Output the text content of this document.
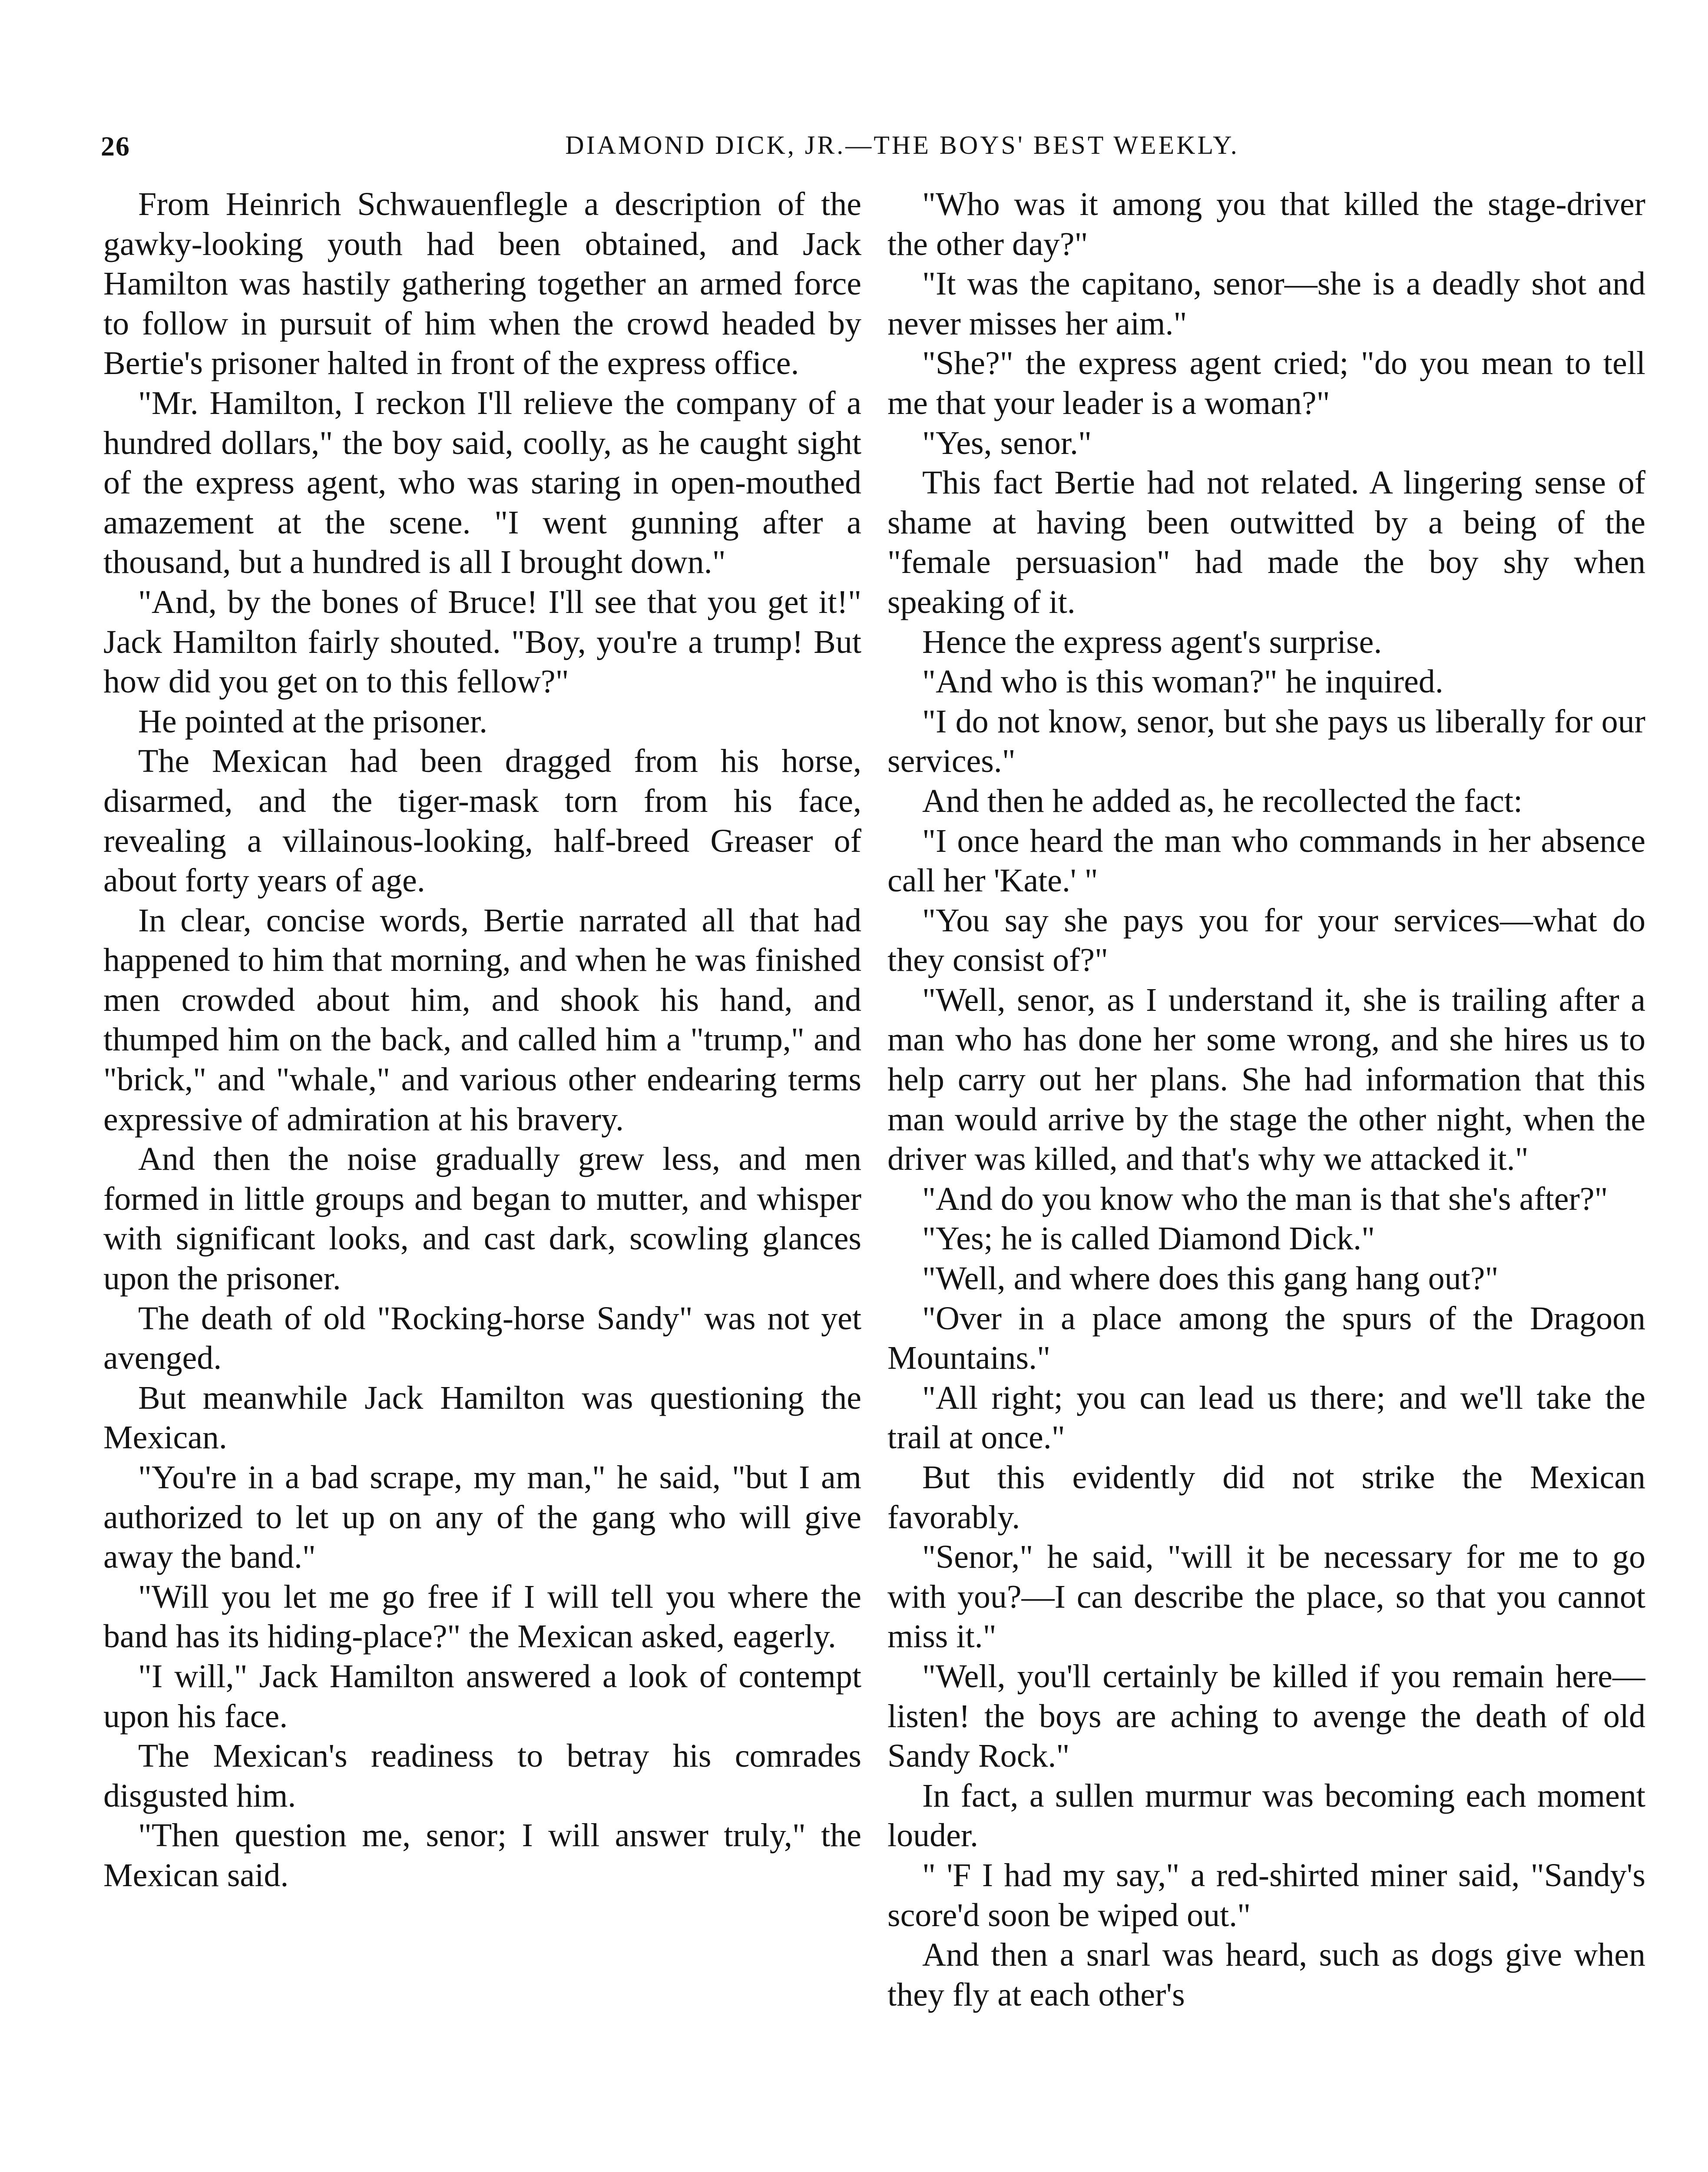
26	DIAMOND DICK, JR.—THE BOYS' BEST WEEKLY.

From Heinrich Schwauenflegle a description of the gawky-looking youth had been obtained, and Jack Hamilton was hastily gathering together an armed force to follow in pursuit of him when the crowd headed by Bertie's prisoner halted in front of the express office.

"Mr. Hamilton, I reckon I'll relieve the company of a hundred dollars," the boy said, coolly, as he caught sight of the express agent, who was staring in open-mouthed amazement at the scene. "I went gunning after a thousand, but a hundred is all I brought down."

"And, by the bones of Bruce! I'll see that you get it!" Jack Hamilton fairly shouted. "Boy, you're a trump! But how did you get on to this fellow?"

He pointed at the prisoner.

The Mexican had been dragged from his horse, disarmed, and the tiger-mask torn from his face, revealing a villainous-looking, half-breed Greaser of about forty years of age.

In clear, concise words, Bertie narrated all that had happened to him that morning, and when he was finished men crowded about him, and shook his hand, and thumped him on the back, and called him a "trump," and "brick," and "whale," and various other endearing terms expressive of admiration at his bravery.

And then the noise gradually grew less, and men formed in little groups and began to mutter, and whisper with significant looks, and cast dark, scowling glances upon the prisoner.

The death of old "Rocking-horse Sandy" was not yet avenged.

But meanwhile Jack Hamilton was questioning the Mexican.

"You're in a bad scrape, my man," he said, "but I am authorized to let up on any of the gang who will give away the band."

"Will you let me go free if I will tell you where the band has its hiding-place?" the Mexican asked, eagerly.

"I will," Jack Hamilton answered a look of contempt upon his face.

The Mexican's readiness to betray his comrades disgusted him.

"Then question me, senor; I will answer truly," the Mexican said.

"Who was it among you that killed the stage-driver the other day?"

"It was the capitano, senor—she is a deadly shot and never misses her aim."

"She?" the express agent cried; "do you mean to tell me that your leader is a woman?"

"Yes, senor."

This fact Bertie had not related. A lingering sense of shame at having been outwitted by a being of the "female persuasion" had made the boy shy when speaking of it.

Hence the express agent's surprise.

"And who is this woman?" he inquired.

"I do not know, senor, but she pays us liberally for our services."

And then he added as, he recollected the fact:

"I once heard the man who commands in her absence call her 'Kate.' "

"You say she pays you for your services—what do they consist of?"

"Well, senor, as I understand it, she is trailing after a man who has done her some wrong, and she hires us to help carry out her plans. She had information that this man would arrive by the stage the other night, when the driver was killed, and that's why we attacked it."

"And do you know who the man is that she's after?"

"Yes; he is called Diamond Dick."

"Well, and where does this gang hang out?"

"Over in a place among the spurs of the Dragoon Mountains."

"All right; you can lead us there; and we'll take the trail at once."

But this evidently did not strike the Mexican favorably.

"Senor," he said, "will it be necessary for me to go with you?—I can describe the place, so that you cannot miss it."

"Well, you'll certainly be killed if you remain here—listen! the boys are aching to avenge the death of old Sandy Rock."

In fact, a sullen murmur was becoming each moment louder.

" 'F I had my say," a red-shirted miner said, "Sandy's score'd soon be wiped out."

And then a snarl was heard, such as dogs give when they fly at each other's
